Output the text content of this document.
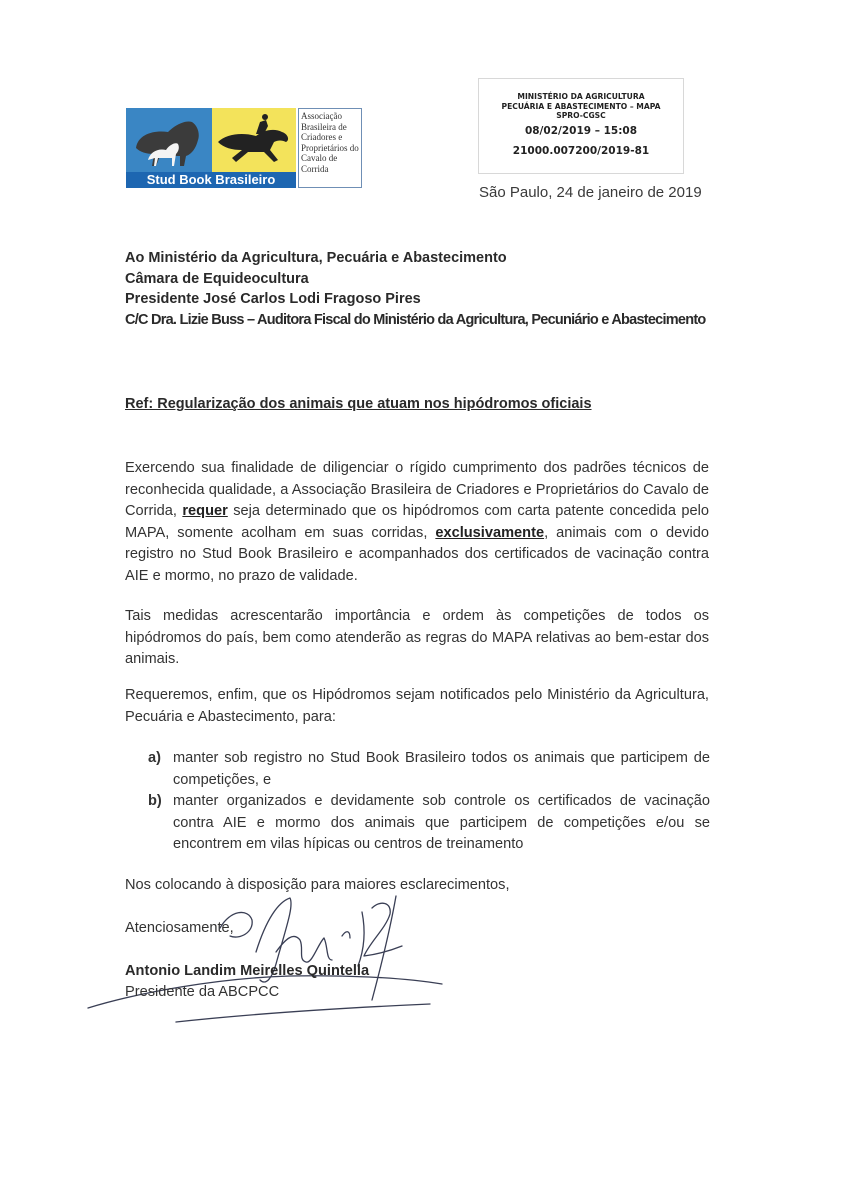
Stud Book Brasileiro
Associação
Brasileira de
Criadores e
Proprietários do
Cavalo de
Corrida
MINISTÉRIO DA AGRICULTURA
PECUÁRIA E ABASTECIMENTO – MAPA
SPRO-CGSC
08/02/2019 – 15:08
21000.007200/2019-81
São Paulo, 24 de janeiro de 2019
Ao Ministério da Agricultura, Pecuária e Abastecimento
Câmara de Equideocultura
Presidente José Carlos Lodi Fragoso Pires
C/C Dra. Lizie Buss – Auditora Fiscal do Ministério da Agricultura, Pecuniário e Abastecimento
Ref: Regularização dos animais que atuam nos hipódromos oficiais
Exercendo sua finalidade de diligenciar o rígido cumprimento dos padrões técnicos de reconhecida qualidade, a Associação Brasileira de Criadores e Proprietários do Cavalo de Corrida, requer seja determinado que os hipódromos com carta patente concedida pelo MAPA, somente acolham em suas corridas, exclusivamente, animais com o devido registro no Stud Book Brasileiro e acompanhados dos certificados de vacinação contra AIE e mormo, no prazo de validade.
Tais medidas acrescentarão importância e ordem às competições de todos os hipódromos do país, bem como atenderão as regras do MAPA relativas ao bem-estar dos animais.
Requeremos, enfim, que os Hipódromos sejam notificados pelo Ministério da Agricultura, Pecuária e Abastecimento, para:
a) manter sob registro no Stud Book Brasileiro todos os animais que participem de competições, e
b) manter organizados e devidamente sob controle os certificados de vacinação contra AIE e mormo dos animais que participem de competições e/ou se encontrem em vilas hípicas ou centros de treinamento
Nos colocando à disposição para maiores esclarecimentos,
Atenciosamente,
Antonio Landim Meirelles Quintella
Presidente da ABCPCC
